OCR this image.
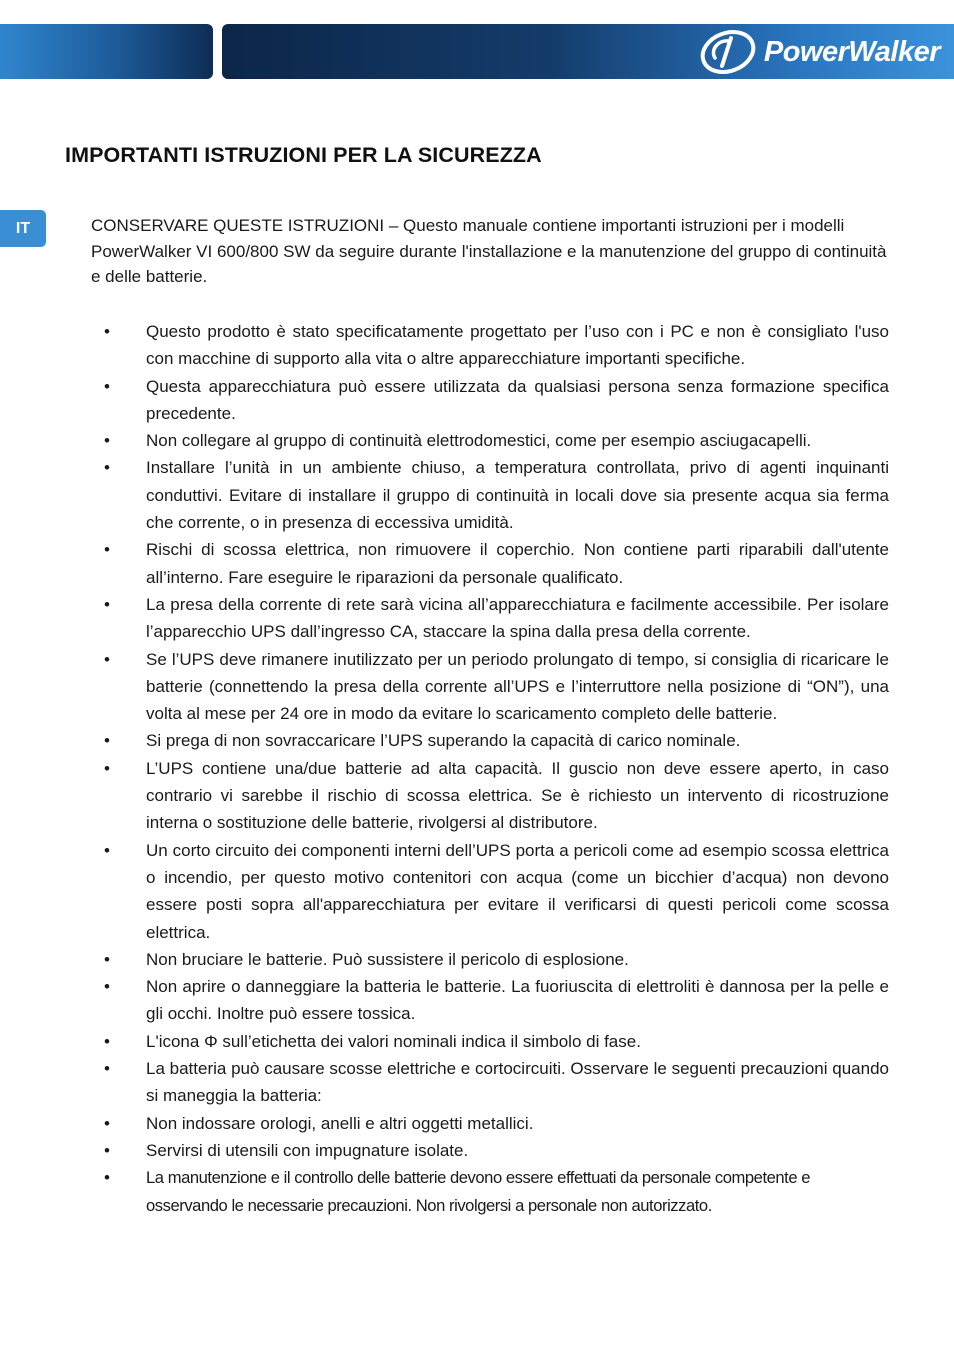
PowerWalker
IT
IMPORTANTI ISTRUZIONI PER LA SICUREZZA

CONSERVARE QUESTE ISTRUZIONI – Questo manuale contiene importanti istruzioni per i modelli PowerWalker VI 600/800 SW da seguire durante l'installazione e la manutenzione del gruppo di continuità e delle batterie.

• Questo prodotto è stato specificatamente progettato per l’uso con i PC e non è consigliato l'uso con macchine di supporto alla vita o altre apparecchiature importanti specifiche.
• Questa apparecchiatura può essere utilizzata da qualsiasi persona senza formazione specifica precedente.
• Non collegare al gruppo di continuità elettrodomestici, come per esempio asciugacapelli.
• Installare l’unità in un ambiente chiuso, a temperatura controllata, privo di agenti inquinanti conduttivi. Evitare di installare il gruppo di continuità in locali dove sia presente acqua sia ferma che corrente, o in presenza di eccessiva umidità.
• Rischi di scossa elettrica, non rimuovere il coperchio. Non contiene parti riparabili dall'utente all’interno. Fare eseguire le riparazioni da personale qualificato.
• La presa della corrente di rete sarà vicina all’apparecchiatura e facilmente accessibile. Per isolare l’apparecchio UPS dall’ingresso CA, staccare la spina dalla presa della corrente.
• Se l’UPS deve rimanere inutilizzato per un periodo prolungato di tempo, si consiglia di ricaricare le batterie (connettendo la presa della corrente all’UPS e l’interruttore nella posizione di “ON”), una volta al mese per 24 ore in modo da evitare lo scaricamento completo delle batterie.
• Si prega di non sovraccaricare l’UPS superando la capacità di carico nominale.
• L’UPS contiene una/due batterie ad alta capacità. Il guscio non deve essere aperto, in caso contrario vi sarebbe il rischio di scossa elettrica. Se è richiesto un intervento di ricostruzione interna o sostituzione delle batterie, rivolgersi al distributore.
• Un corto circuito dei componenti interni dell’UPS porta a pericoli come ad esempio scossa elettrica o incendio, per questo motivo contenitori con acqua (come un bicchier d’acqua) non devono essere posti sopra all'apparecchiatura per evitare il verificarsi di questi pericoli come scossa elettrica.
• Non bruciare le batterie. Può sussistere il pericolo di esplosione.
• Non aprire o danneggiare la batteria le batterie. La fuoriuscita di elettroliti è dannosa per la pelle e gli occhi. Inoltre può essere tossica.
• L'icona Φ sull’etichetta dei valori nominali indica il simbolo di fase.
• La batteria può causare scosse elettriche e cortocircuiti. Osservare le seguenti precauzioni quando si maneggia la batteria:
• Non indossare orologi, anelli e altri oggetti metallici.
• Servirsi di utensili con impugnature isolate.
• La manutenzione e il controllo delle batterie devono essere effettuati da personale competente e osservando le necessarie precauzioni. Non rivolgersi a personale non autorizzato.
